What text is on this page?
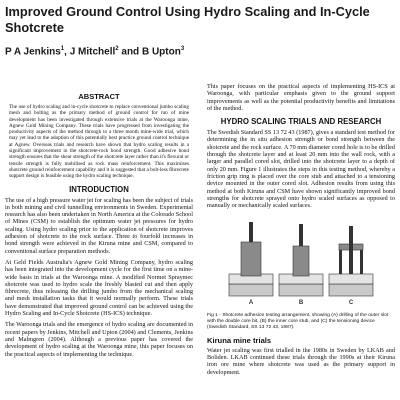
Improved Ground Control Using Hydro Scaling and In-Cycle Shotcrete
P A Jenkins$^1$, J Mitchell$^2$ and B Upton$^3$
ABSTRACT

The use of hydro scaling and in-cycle shotcrete to replace conventional jumbo scaling mesh and bolting as the primary method of ground control for run of mine development has been investigated through extensive trials at the Waroonga mine, Agnew Gold Mining Company. These trials have progressed from investigating the productivity aspects of the method through to a three month mine-wide trial, which may yet lead to the adoption of this potentially best practice ground control technique at Agnew. Overseas trials and research have shown that hydro scaling results in a significant improvement in the shotcrete-rock bond strength. Good adhesive bond strength ensures that the shear strength of the shotcrete layer rather than it's flexural or tensile strength is fully mobilised as rock mass reinforcement. This maximises shotcrete ground reinforcement capability and it is suggested that a bolt-less fibrecrete support design is feasible using the hydro scaling technique.

INTRODUCTION

The use of a high pressure water jet for scaling has been the subject of trials in both mining and civil tunnelling environments in Sweden. Experimental research has also been undertaken in North America at the Colorado School of Mines (CSM) to establish the optimum water jet pressures for hydro scaling. Using hydro scaling prior to the application of shotcrete improves adhesion of shotcrete to the rock surface. Three to fourfold increases in bond strength were achieved in the Kiruna mine and CSM, compared to conventional surface preparation methods.

At Geld Fields Australia's Agnew Gold Mining Company, hydro scaling has been integrated into the development cycle for the first time on a mine-wide basis in trials at the Waroonga mine. A modified Normet Spraymec shotcrete was used to hydro scale the freshly blasted cut and then apply fibrecrete, thus releasing the drilling jumbo from the mechanical scaling and mesh installation tasks that it would normally perform. These trials have demonstrated that improved ground control can be achieved using the Hydro Scaling and In-Cycle Shotcrete (HS-ICS) technique.

The Waroonga trials and the emergence of hydro scaling are documented in recent papers by Jenkins, Mitchell and Upton (2004) and Clements, Jenkins and Malmgren (2004). Although a previous paper has covered the development of hydro scaling at the Waroonga mine, this paper focuses on the practical aspects of implementing the technique.

This paper focuses on the practical aspects of implementing HS-ICS at Waroonga, with particular emphasis given to the ground support improvements as well as the potential productivity benefits and limitations of the method.

HYDRO SCALING TRIALS AND RESEARCH

The Swedish Standard SS 13 72 43 (1987), gives a standard test method for determining the in situ adhesion strength or bond strength between the shotcrete and the rock surface. A 70 mm diameter cored hole is to be drilled through the shotcrete layer and at least 20 mm into the wall rock, with a larger and parallel cored slot, drilled into the shotcrete layer to a depth of only 20 mm. Figure 1 illustrates the steps in this testing method, whereby a friction grip ring is placed over the core stub and attached to a tensioning device mounted in the outer cored slot. Adhesion results from using this method at both Kiruna and CSM have shown significantly improved bond strengths for shotcrete sprayed onto hydro scaled surfaces as opposed to manually or mechanically scaled surfaces.

A	B	C

Fig 1 - Shotcrete adhesion testing arrangement, showing (A) drilling of the outer slot with the double core bit, (B) the inner core stub, and (C) the tensioning device (Swedish Standard, SS 13 72 43, 1987).

Kiruna mine trials

Water jet scaling was first trialled in the 1980s in Sweden by LKAB and Boliden. LKAB continued these trials through the 1990s at their Kiruna iron ore mine where shotcrete was used as the primary support in development.
